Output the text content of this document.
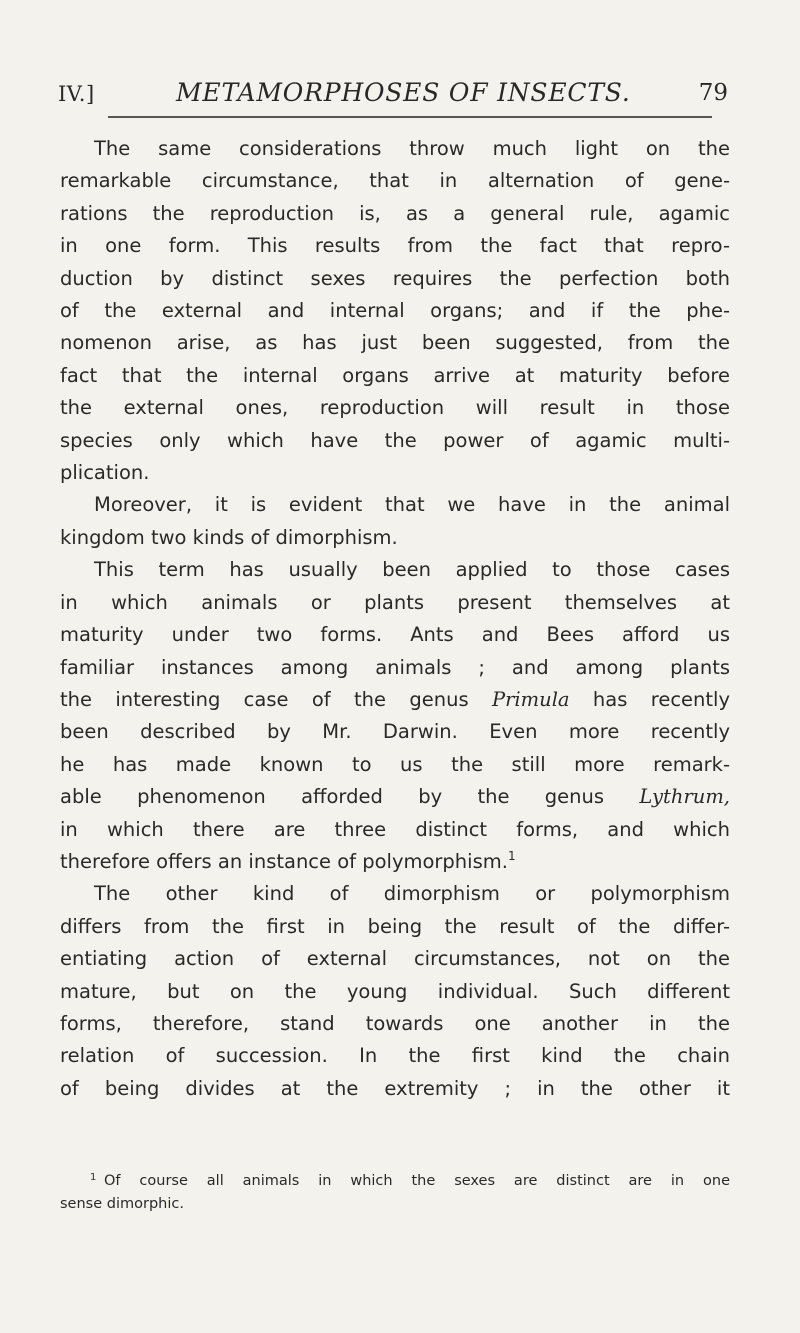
IV.]	METAMORPHOSES OF INSECTS.	79
The same considerations throw much light on the
remarkable circumstance, that in alternation of gene-
rations the reproduction is, as a general rule, agamic
in one form. This results from the fact that repro-
duction by distinct sexes requires the perfection both
of the external and internal organs; and if the phe-
nomenon arise, as has just been suggested, from the
fact that the internal organs arrive at maturity before
the external ones, reproduction will result in those
species only which have the power of agamic multi-
plication.
Moreover, it is evident that we have in the animal
kingdom two kinds of dimorphism.
This term has usually been applied to those cases
in which animals or plants present themselves at
maturity under two forms. Ants and Bees afford us
familiar instances among animals ; and among plants
the interesting case of the genus Primula has recently
been described by Mr. Darwin. Even more recently
he has made known to us the still more remark-
able phenomenon afforded by the genus Lythrum,
in which there are three distinct forms, and which
therefore offers an instance of polymorphism.$^1$
The other kind of dimorphism or polymorphism
differs from the first in being the result of the differ-
entiating action of external circumstances, not on the
mature, but on the young individual. Such different
forms, therefore, stand towards one another in the
relation of succession. In the first kind the chain
of being divides at the extremity ; in the other it
1 Of course all animals in which the sexes are distinct are in one
sense dimorphic.
